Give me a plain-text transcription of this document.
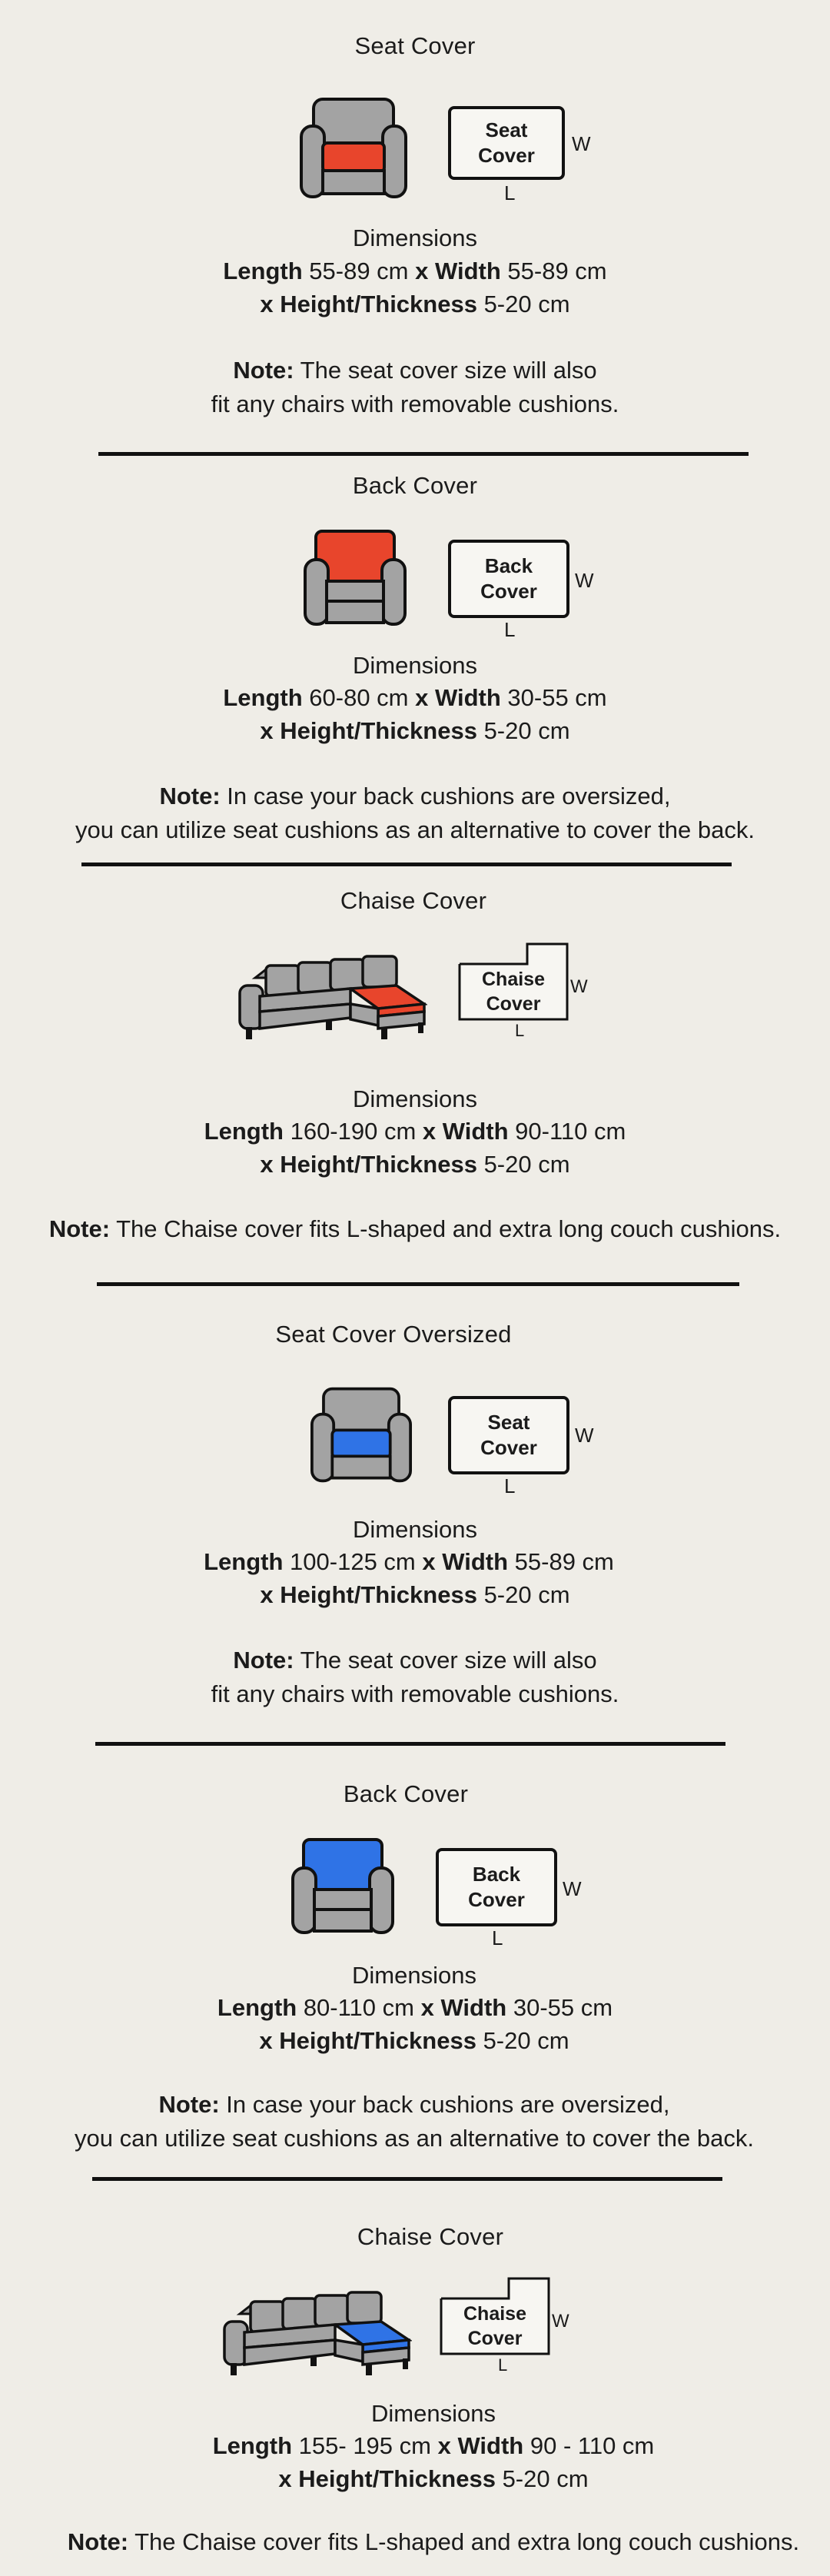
Seat Cover
Seat
Cover W
L
Dimensions
Length 55-89 cm x Width 55-89 cm
x Height/Thickness 5-20 cm
Note: The seat cover size will also
fit any chairs with removable cushions.
Back Cover
Back
Cover W
L
Dimensions
Length 60-80 cm x Width 30-55 cm
x Height/Thickness 5-20 cm
Note: In case your back cushions are oversized,
you can utilize seat cushions as an alternative to cover the back.
Chaise Cover
Chaise
Cover
W
L
Dimensions
Length 160-190 cm x Width 90-110 cm
x Height/Thickness 5-20 cm
Note: The Chaise cover fits L-shaped and extra long couch cushions.
Seat Cover Oversized
Seat
Cover
W
L
Dimensions
Length 100-125 cm x Width 55-89 cm
x Height/Thickness 5-20 cm
Note: The seat cover size will also
fit any chairs with removable cushions.
Back Cover
Back
Cover W
L
Dimensions
Length 80-110 cm x Width 30-55 cm
x Height/Thickness 5-20 cm
Note: In case your back cushions are oversized,
you can utilize seat cushions as an alternative to cover the back.
Chaise Cover
Chaise
Cover
W
L
Dimensions
Length 155- 195 cm x Width 90 - 110 cm
x Height/Thickness 5-20 cm
Note: The Chaise cover fits L-shaped and extra long couch cushions.
